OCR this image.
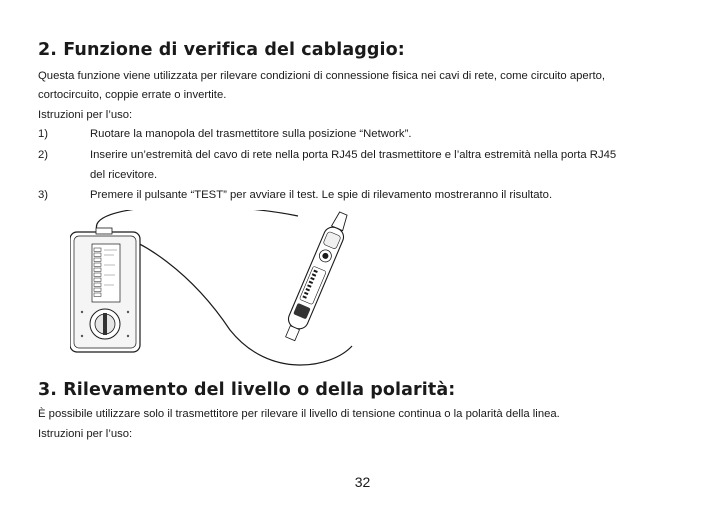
2. Funzione di verifica del cablaggio:
Questa funzione viene utilizzata per rilevare condizioni di connessione fisica nei cavi di rete, come circuito aperto,
cortocircuito, coppie errate o invertite.
Istruzioni per l’uso:
1)	Ruotare la manopola del trasmettitore sulla posizione “Network”.
2)	Inserire un’estremità del cavo di rete nella porta RJ45 del trasmettitore e l’altra estremità nella porta RJ45
del ricevitore.
3)	Premere il pulsante “TEST” per avviare il test. Le spie di rilevamento mostreranno il risultato.
3. Rilevamento del livello o della polarità:
È possibile utilizzare solo il trasmettitore per rilevare il livello di tensione continua o la polarità della linea.
Istruzioni per l’uso:
32
